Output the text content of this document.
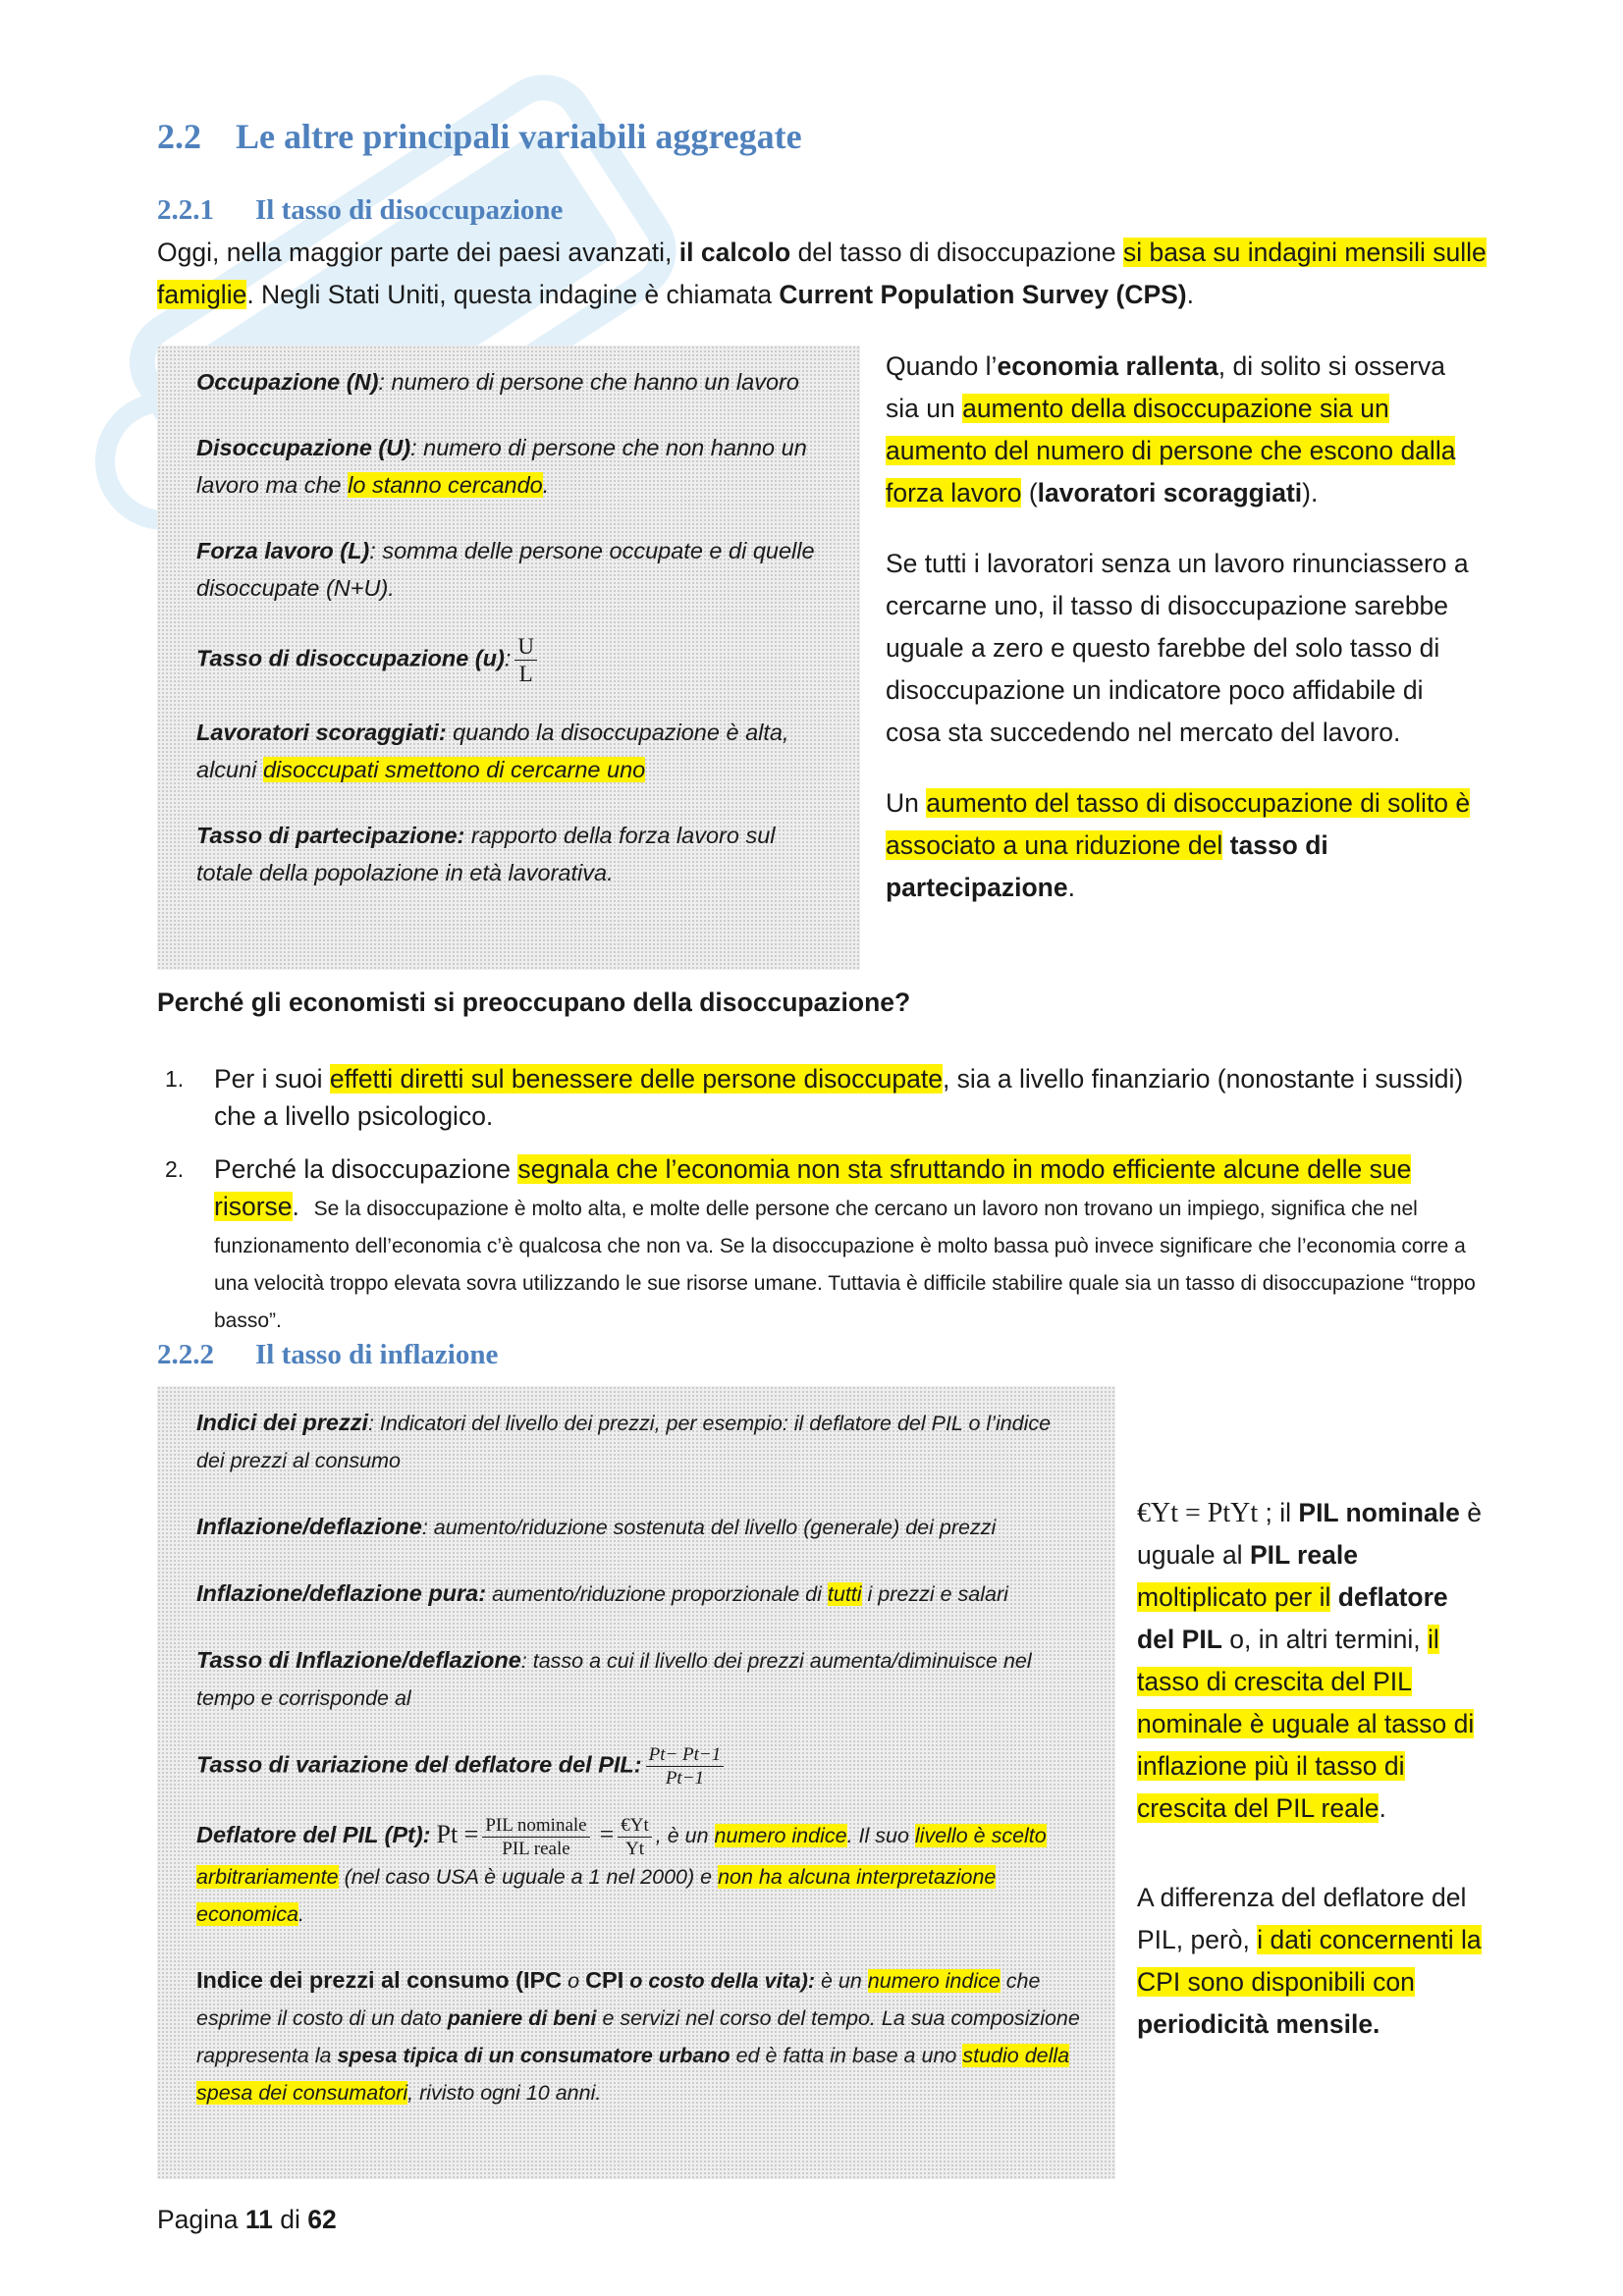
2.2 Le altre principali variabili aggregate
2.2.1 Il tasso di disoccupazione

Oggi, nella maggior parte dei paesi avanzati, il calcolo del tasso di disoccupazione si basa su indagini mensili sulle famiglie. Negli Stati Uniti, questa indagine è chiamata Current Population Survey (CPS).

Occupazione (N): numero di persone che hanno un lavoro

Disoccupazione (U): numero di persone che non hanno un lavoro ma che lo stanno cercando.

Forza lavoro (L): somma delle persone occupate e di quelle disoccupate (N+U).

Tasso di disoccupazione (u): $\frac{U}{L}$

Lavoratori scoraggiati: quando la disoccupazione è alta, alcuni disoccupati smettono di cercarne uno

Tasso di partecipazione: rapporto della forza lavoro sul totale della popolazione in età lavorativa.

Quando l’economia rallenta, di solito si osserva sia un aumento della disoccupazione sia un aumento del numero di persone che escono dalla forza lavoro (lavoratori scoraggiati).

Se tutti i lavoratori senza un lavoro rinunciassero a cercarne uno, il tasso di disoccupazione sarebbe uguale a zero e questo farebbe del solo tasso di disoccupazione un indicatore poco affidabile di cosa sta succedendo nel mercato del lavoro.

Un aumento del tasso di disoccupazione di solito è associato a una riduzione del tasso di partecipazione.

Perché gli economisti si preoccupano della disoccupazione?

1. Per i suoi effetti diretti sul benessere delle persone disoccupate, sia a livello finanziario (nonostante i sussidi) che a livello psicologico.
2. Perché la disoccupazione segnala che l’economia non sta sfruttando in modo efficiente alcune delle sue risorse. Se la disoccupazione è molto alta, e molte delle persone che cercano un lavoro non trovano un impiego, significa che nel funzionamento dell’economia c’è qualcosa che non va. Se la disoccupazione è molto bassa può invece significare che l’economia corre a una velocità troppo elevata sovra utilizzando le sue risorse umane. Tuttavia è difficile stabilire quale sia un tasso di disoccupazione “troppo basso”.
2.2.2 Il tasso di inflazione

Indici dei prezzi: Indicatori del livello dei prezzi, per esempio: il deflatore del PIL o l’indice dei prezzi al consumo

Inflazione/deflazione: aumento/riduzione sostenuta del livello (generale) dei prezzi

Inflazione/deflazione pura: aumento/riduzione proporzionale di tutti i prezzi e salari

Tasso di Inflazione/deflazione: tasso a cui il livello dei prezzi aumenta/diminuisce nel tempo e corrisponde al

Tasso di variazione del deflatore del PIL: $\frac{Pt- Pt-1}{Pt-1}$

Deflatore del PIL (Pt): $Pt = \frac{\text{PIL nominale}}{\text{PIL reale}} = \frac{€Yt}{Yt}$ , è un numero indice. Il suo livello è scelto arbitrariamente (nel caso USA è uguale a 1 nel 2000) e non ha alcuna interpretazione economica.

Indice dei prezzi al consumo (IPC o CPI o costo della vita): è un numero indice che esprime il costo di un dato paniere di beni e servizi nel corso del tempo. La sua composizione rappresenta la spesa tipica di un consumatore urbano ed è fatta in base a uno studio della spesa dei consumatori, rivisto ogni 10 anni.

€Yt = PtYt ; il PIL nominale è uguale al PIL reale moltiplicato per il deflatore del PIL o, in altri termini, il tasso di crescita del PIL nominale è uguale al tasso di inflazione più il tasso di crescita del PIL reale.

A differenza del deflatore del PIL, però, i dati concernenti la CPI sono disponibili con periodicità mensile.

Pagina 11 di 62
